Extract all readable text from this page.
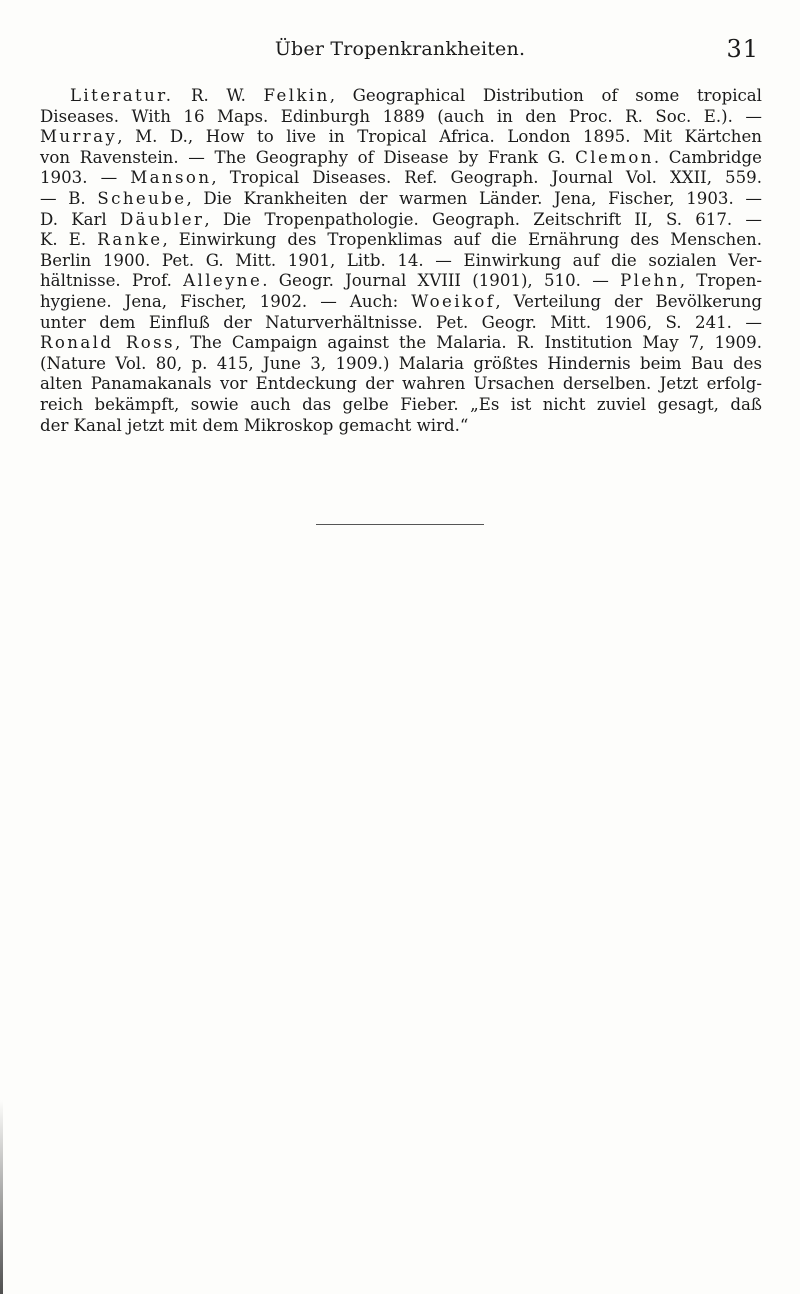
Über Tropenkrankheiten.	31
Literatur. R. W. Felkin, Geographical Distribution of some tropical
Diseases. With 16 Maps. Edinburgh 1889 (auch in den Proc. R. Soc. E.). —
Murray, M. D., How to live in Tropical Africa. London 1895. Mit Kärtchen
von Ravenstein. — The Geography of Disease by Frank G. Clemon. Cambridge
1903. — Manson, Tropical Diseases. Ref. Geograph. Journal Vol. XXII, 559.
— B. Scheube, Die Krankheiten der warmen Länder. Jena, Fischer, 1903. —
D. Karl Däubler, Die Tropenpathologie. Geograph. Zeitschrift II, S. 617. —
K. E. Ranke, Einwirkung des Tropenklimas auf die Ernährung des Menschen.
Berlin 1900. Pet. G. Mitt. 1901, Litb. 14. — Einwirkung auf die sozialen Ver-
hältnisse. Prof. Alleyne. Geogr. Journal XVIII (1901), 510. — Plehn, Tropen-
hygiene. Jena, Fischer, 1902. — Auch: Woeikof, Verteilung der Bevölkerung
unter dem Einfluß der Naturverhältnisse. Pet. Geogr. Mitt. 1906, S. 241. —
Ronald Ross, The Campaign against the Malaria. R. Institution May 7, 1909.
(Nature Vol. 80, p. 415, June 3, 1909.) Malaria größtes Hindernis beim Bau des
alten Panamakanals vor Entdeckung der wahren Ursachen derselben. Jetzt erfolg-
reich bekämpft, sowie auch das gelbe Fieber. „Es ist nicht zuviel gesagt, daß
der Kanal jetzt mit dem Mikroskop gemacht wird.“
